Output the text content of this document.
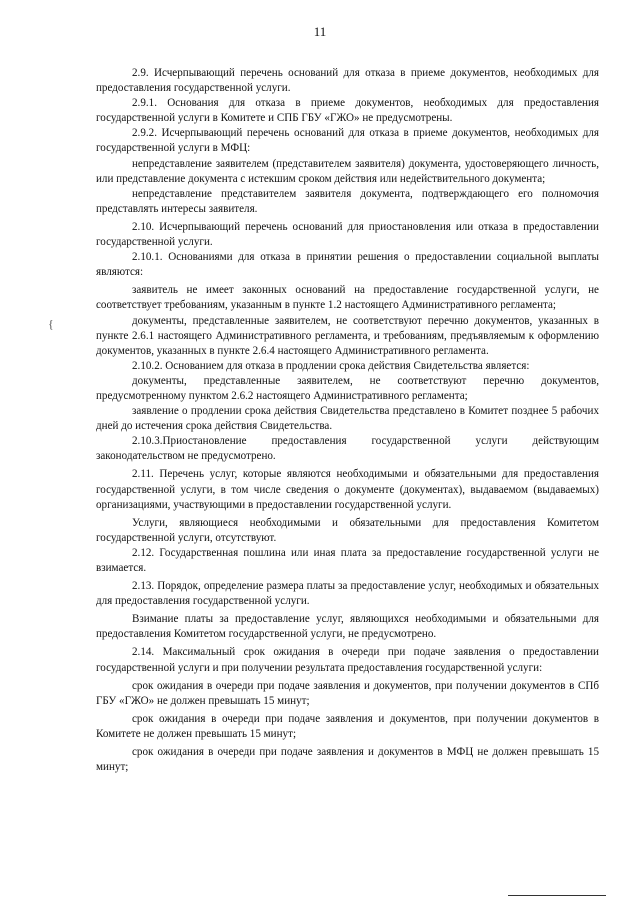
11
{

2.9. Исчерпывающий перечень оснований для отказа в приеме документов, необходимых для предоставления государственной услуги.

2.9.1. Основания для отказа в приеме документов, необходимых для предоставления государственной услуги в Комитете и СПБ ГБУ «ГЖО» не предусмотрены.

2.9.2. Исчерпывающий перечень оснований для отказа в приеме документов, необходимых для государственной услуги в МФЦ:

непредставление заявителем (представителем заявителя) документа, удостоверяющего личность, или представление документа с истекшим сроком действия или недействительного документа;

непредставление представителем заявителя документа, подтверждающего его полномочия представлять интересы заявителя.

2.10. Исчерпывающий перечень оснований для приостановления или отказа в предоставлении государственной услуги.

2.10.1. Основаниями для отказа в принятии решения о предоставлении социальной выплаты являются:

заявитель не имеет законных оснований на предоставление государственной услуги, не соответствует требованиям, указанным в пункте 1.2 настоящего Административного регламента;

документы, представленные заявителем, не соответствуют перечню документов, указанных в пункте 2.6.1 настоящего Административного регламента, и требованиям, предъявляемым к оформлению документов, указанных в пункте 2.6.4 настоящего Административного регламента.

2.10.2. Основанием для отказа в продлении срока действия Свидетельства является:

документы, представленные заявителем, не соответствуют перечню документов, предусмотренному пунктом 2.6.2 настоящего Административного регламента;

заявление о продлении срока действия Свидетельства представлено в Комитет позднее 5 рабочих дней до истечения срока действия Свидетельства.

2.10.3.Приостановление предоставления государственной услуги действующим законодательством не предусмотрено.

2.11. Перечень услуг, которые являются необходимыми и обязательными для предоставления государственной услуги, в том числе сведения о документе (документах), выдаваемом (выдаваемых) организациями, участвующими в предоставлении государственной услуги.

Услуги, являющиеся необходимыми и обязательными для предоставления Комитетом государственной услуги, отсутствуют.

2.12. Государственная пошлина или иная плата за предоставление государственной услуги не взимается.

2.13. Порядок, определение размера платы за предоставление услуг, необходимых и обязательных для предоставления государственной услуги.

Взимание платы за предоставление услуг, являющихся необходимыми и обязательными для предоставления Комитетом государственной услуги, не предусмотрено.

2.14. Максимальный срок ожидания в очереди при подаче заявления о предоставлении государственной услуги и при получении результата предоставления государственной услуги:

срок ожидания в очереди при подаче заявления и документов, при получении документов в СПб ГБУ «ГЖО» не должен превышать 15 минут;

срок ожидания в очереди при подаче заявления и документов, при получении документов в Комитете не должен превышать 15 минут;

срок ожидания в очереди при подаче заявления и документов в МФЦ не должен превышать 15 минут;
